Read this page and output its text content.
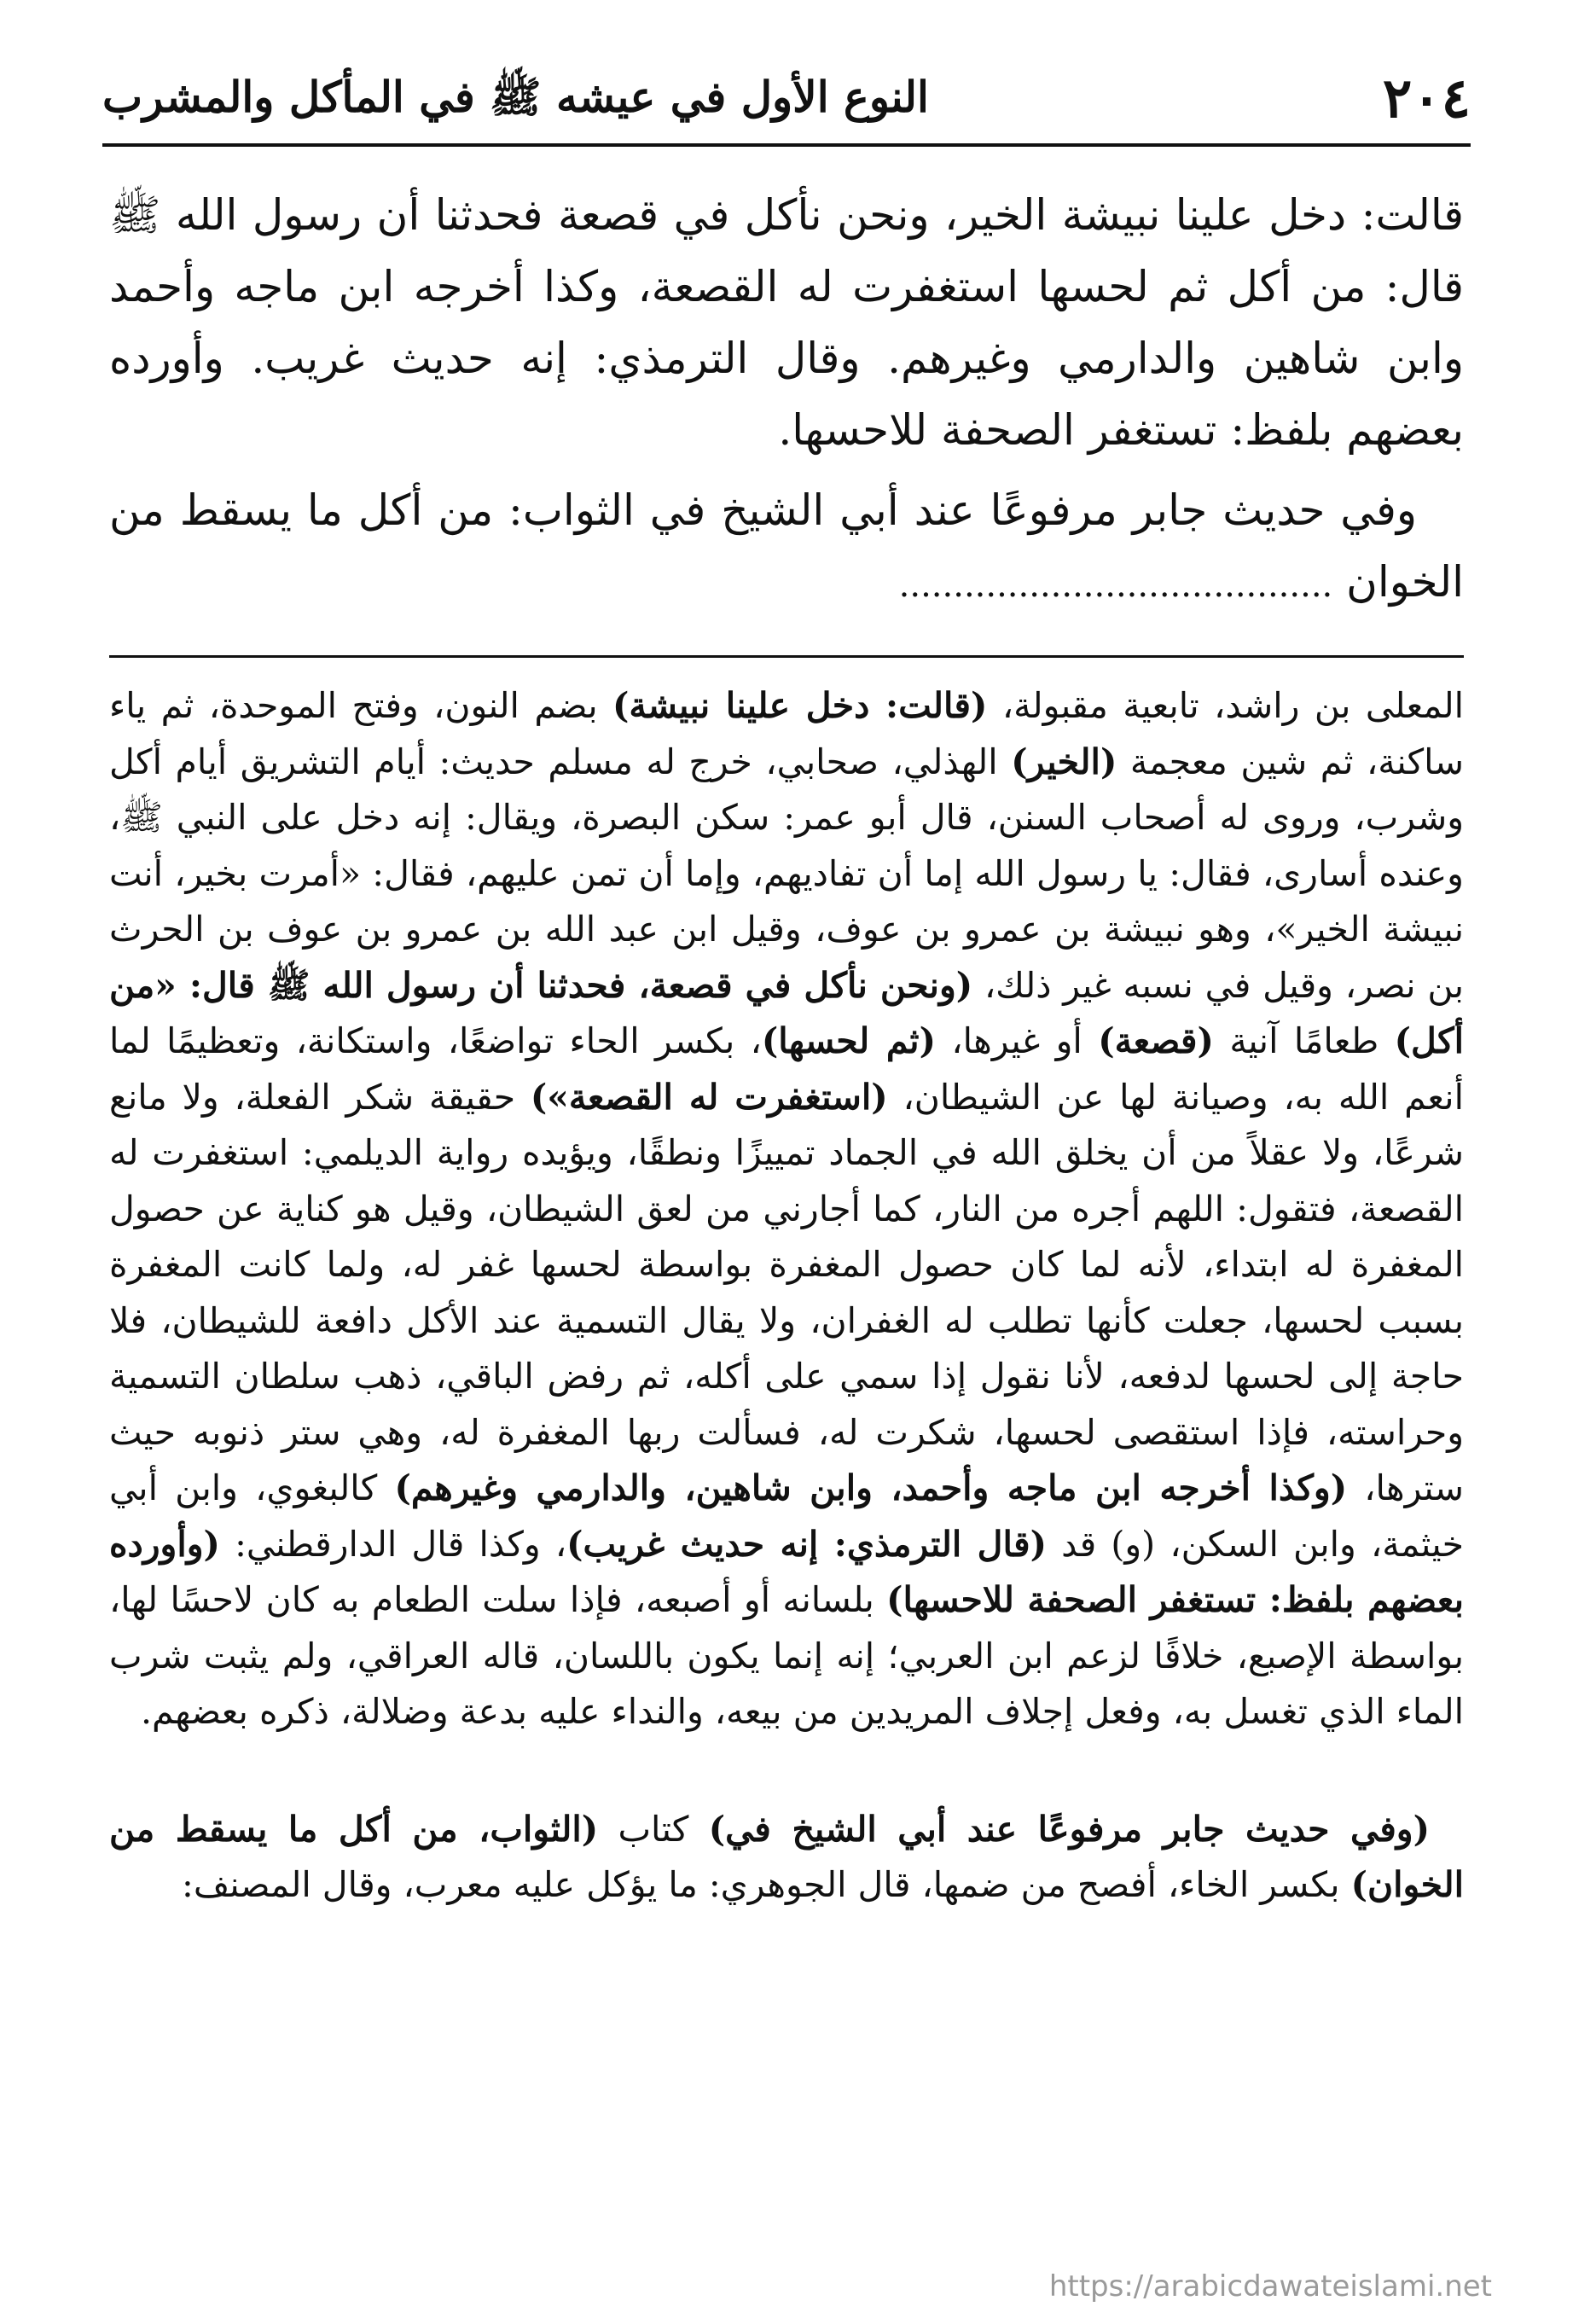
٢٠٤
النوع الأول في عيشه ﷺ في المأكل والمشرب

قالت: دخل علينا نبيشة الخير، ونحن نأكل في قصعة فحدثنا أن رسول الله ﷺ قال: من أكل ثم لحسها استغفرت له القصعة، وكذا أخرجه ابن ماجه وأحمد وابن شاهين والدارمي وغيرهم. وقال الترمذي: إنه حديث غريب. وأورده بعضهم بلفظ: تستغفر الصحفة للاحسها.

وفي حديث جابر مرفوعًا عند أبي الشيخ في الثواب: من أكل ما يسقط من الخوان ........................................

المعلى بن راشد، تابعية مقبولة، (قالت: دخل علينا نبيشة) بضم النون، وفتح الموحدة، ثم ياء ساكنة، ثم شين معجمة (الخير) الهذلي، صحابي، خرج له مسلم حديث: أيام التشريق أيام أكل وشرب، وروى له أصحاب السنن، قال أبو عمر: سكن البصرة، ويقال: إنه دخل على النبي ﷺ، وعنده أسارى، فقال: يا رسول الله إما أن تفاديهم، وإما أن تمن عليهم، فقال: «أمرت بخير، أنت نبيشة الخير»، وهو نبيشة بن عمرو بن عوف، وقيل ابن عبد الله بن عمرو بن عوف بن الحرث بن نصر، وقيل في نسبه غير ذلك، (ونحن نأكل في قصعة، فحدثنا أن رسول الله ﷺ قال: «من أكل) طعامًا آنية (قصعة) أو غيرها، (ثم لحسها)، بكسر الحاء تواضعًا، واستكانة، وتعظيمًا لما أنعم الله به، وصيانة لها عن الشيطان، (استغفرت له القصعة») حقيقة شكر الفعلة، ولا مانع شرعًا، ولا عقلاً من أن يخلق الله في الجماد تمييزًا ونطقًا، ويؤيده رواية الديلمي: استغفرت له القصعة، فتقول: اللهم أجره من النار، كما أجارني من لعق الشيطان، وقيل هو كناية عن حصول المغفرة له ابتداء، لأنه لما كان حصول المغفرة بواسطة لحسها غفر له، ولما كانت المغفرة بسبب لحسها، جعلت كأنها تطلب له الغفران، ولا يقال التسمية عند الأكل دافعة للشيطان، فلا حاجة إلى لحسها لدفعه، لأنا نقول إذا سمي على أكله، ثم رفض الباقي، ذهب سلطان التسمية وحراسته، فإذا استقصى لحسها، شكرت له، فسألت ربها المغفرة له، وهي ستر ذنوبه حيث سترها، (وكذا أخرجه ابن ماجه وأحمد، وابن شاهين، والدارمي وغيرهم) كالبغوي، وابن أبي خيثمة، وابن السكن، (و) قد (قال الترمذي: إنه حديث غريب)، وكذا قال الدارقطني: (وأورده بعضهم بلفظ: تستغفر الصحفة للاحسها) بلسانه أو أصبعه، فإذا سلت الطعام به كان لاحسًا لها، بواسطة الإصبع، خلافًا لزعم ابن العربي؛ إنه إنما يكون باللسان، قاله العراقي، ولم يثبت شرب الماء الذي تغسل به، وفعل إجلاف المريدين من بيعه، والنداء عليه بدعة وضلالة، ذكره بعضهم.

(وفي حديث جابر مرفوعًا عند أبي الشيخ في) كتاب (الثواب، من أكل ما يسقط من الخوان) بكسر الخاء، أفصح من ضمها، قال الجوهري: ما يؤكل عليه معرب، وقال المصنف:

https://arabicdawateislami.net
